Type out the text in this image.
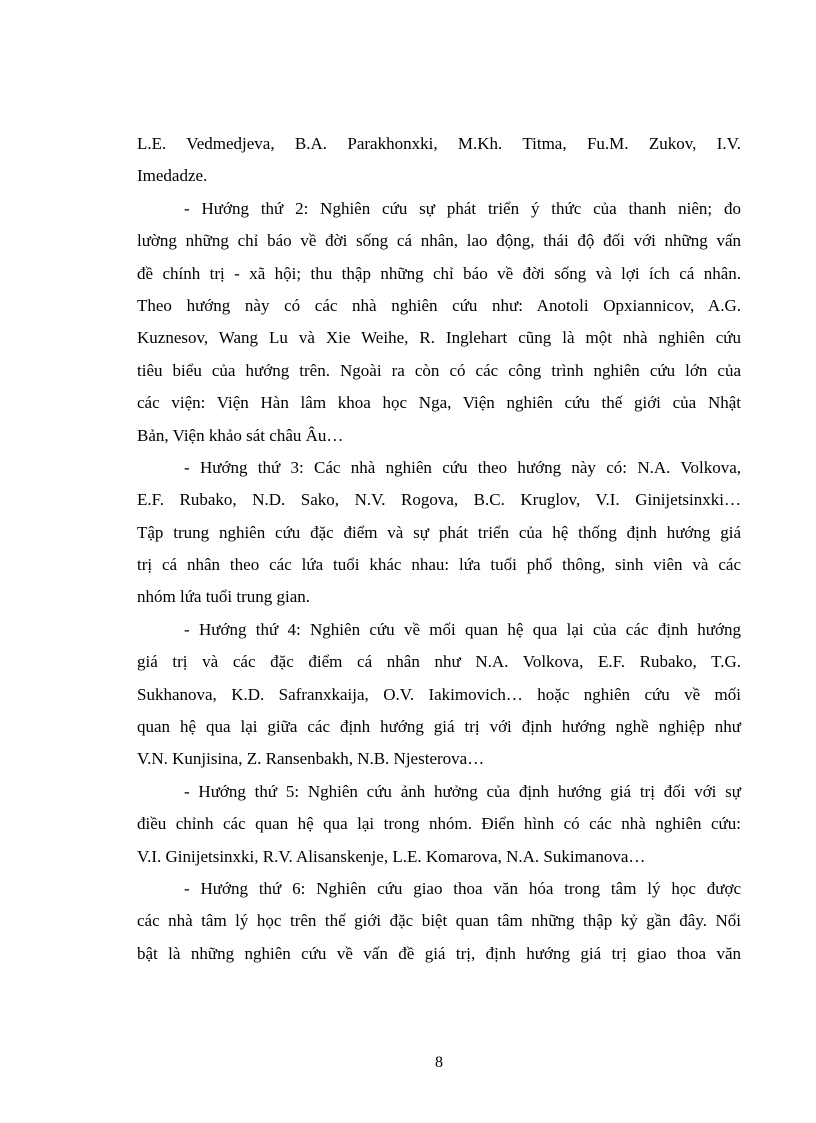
L.E. Vedmedjeva, B.A. Parakhonxki, M.Kh. Titma, Fu.M. Zukov, I.V.
Imedadze.
- Hướng thứ 2: Nghiên cứu sự phát triển ý thức của thanh niên; đo
lường những chỉ báo về đời sống cá nhân, lao động, thái độ đối với những vấn
đề chính trị - xã hội; thu thập những chỉ báo về đời sống và lợi ích cá nhân.
Theo hướng này có các nhà nghiên cứu như: Anotoli Opxiannicov, A.G.
Kuznesov, Wang Lu và Xie Weihe, R. Inglehart cũng là một nhà nghiên cứu
tiêu biểu của hướng trên. Ngoài ra còn có các công trình nghiên cứu lớn của
các viện: Viện Hàn lâm khoa học Nga, Viện nghiên cứu thế giới của Nhật
Bản, Viện khảo sát châu Âu…
- Hướng thứ 3: Các nhà nghiên cứu theo hướng này có: N.A. Volkova,
E.F. Rubako, N.D. Sako, N.V. Rogova, B.C. Kruglov, V.I. Ginijetsinxki…
Tập trung nghiên cứu đặc điểm và sự phát triển của hệ thống định hướng giá
trị cá nhân theo các lứa tuổi khác nhau: lứa tuổi phổ thông, sinh viên và các
nhóm lứa tuổi trung gian.
- Hướng thứ 4: Nghiên cứu về mối quan hệ qua lại của các định hướng
giá trị và các đặc điểm cá nhân như N.A. Volkova, E.F. Rubako, T.G.
Sukhanova, K.D. Safranxkaija, O.V. Iakimovich… hoặc nghiên cứu về mối
quan hệ qua lại giữa các định hướng giá trị với định hướng nghề nghiệp như
V.N. Kunjisina, Z. Ransenbakh, N.B. Njesterova…
- Hướng thứ 5: Nghiên cứu ảnh hưởng của định hướng giá trị đối với sự
điều chỉnh các quan hệ qua lại trong nhóm. Điển hình có các nhà nghiên cứu:
V.I. Ginijetsinxki, R.V. Alisanskenje, L.E. Komarova, N.A. Sukimanova…
- Hướng thứ 6: Nghiên cứu giao thoa văn hóa trong tâm lý học được
các nhà tâm lý học trên thế giới đặc biệt quan tâm những thập kỷ gần đây. Nổi
bật là những nghiên cứu về vấn đề giá trị, định hướng giá trị giao thoa văn
8
